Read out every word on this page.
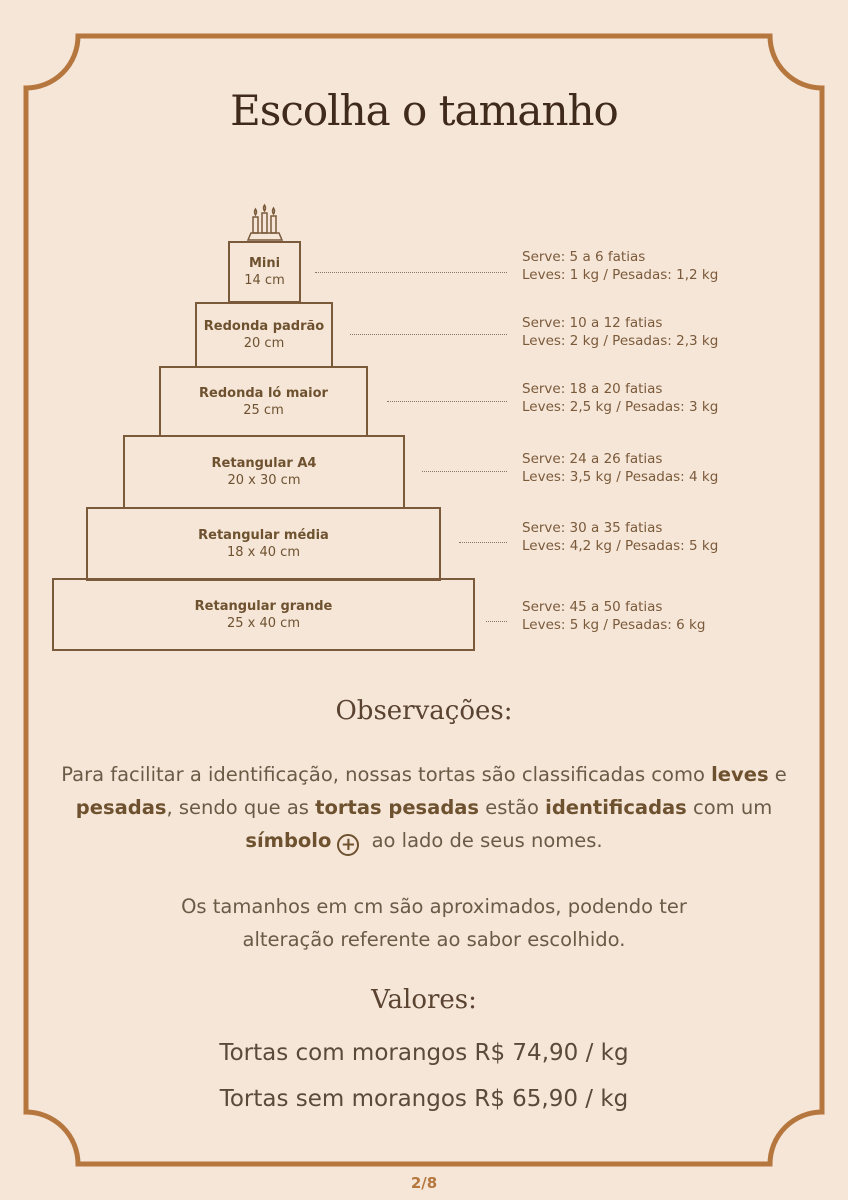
Escolha o tamanho
Mini
14 cm
Serve: 5 a 6 fatias
Leves: 1 kg / Pesadas: 1,2 kg
Redonda padrão
20 cm
Serve: 10 a 12 fatias
Leves: 2 kg / Pesadas: 2,3 kg
Redonda ló maior
25 cm
Serve: 18 a 20 fatias
Leves: 2,5 kg / Pesadas: 3 kg
Retangular A4
20 x 30 cm
Serve: 24 a 26 fatias
Leves: 3,5 kg / Pesadas: 4 kg
Retangular média
18 x 40 cm
Serve: 30 a 35 fatias
Leves: 4,2 kg / Pesadas: 5 kg
Retangular grande
25 x 40 cm
Serve: 45 a 50 fatias
Leves: 5 kg / Pesadas: 6 kg
Observações:

Para facilitar a identificação, nossas tortas são classificadas como leves e pesadas, sendo que as tortas pesadas estão identificadas com um símbolo + ao lado de seus nomes.

Os tamanhos em cm são aproximados, podendo ter alteração referente ao sabor escolhido.

Valores:

Tortas com morangos R$ 74,90 / kg

Tortas sem morangos R$ 65,90 / kg

2/8
